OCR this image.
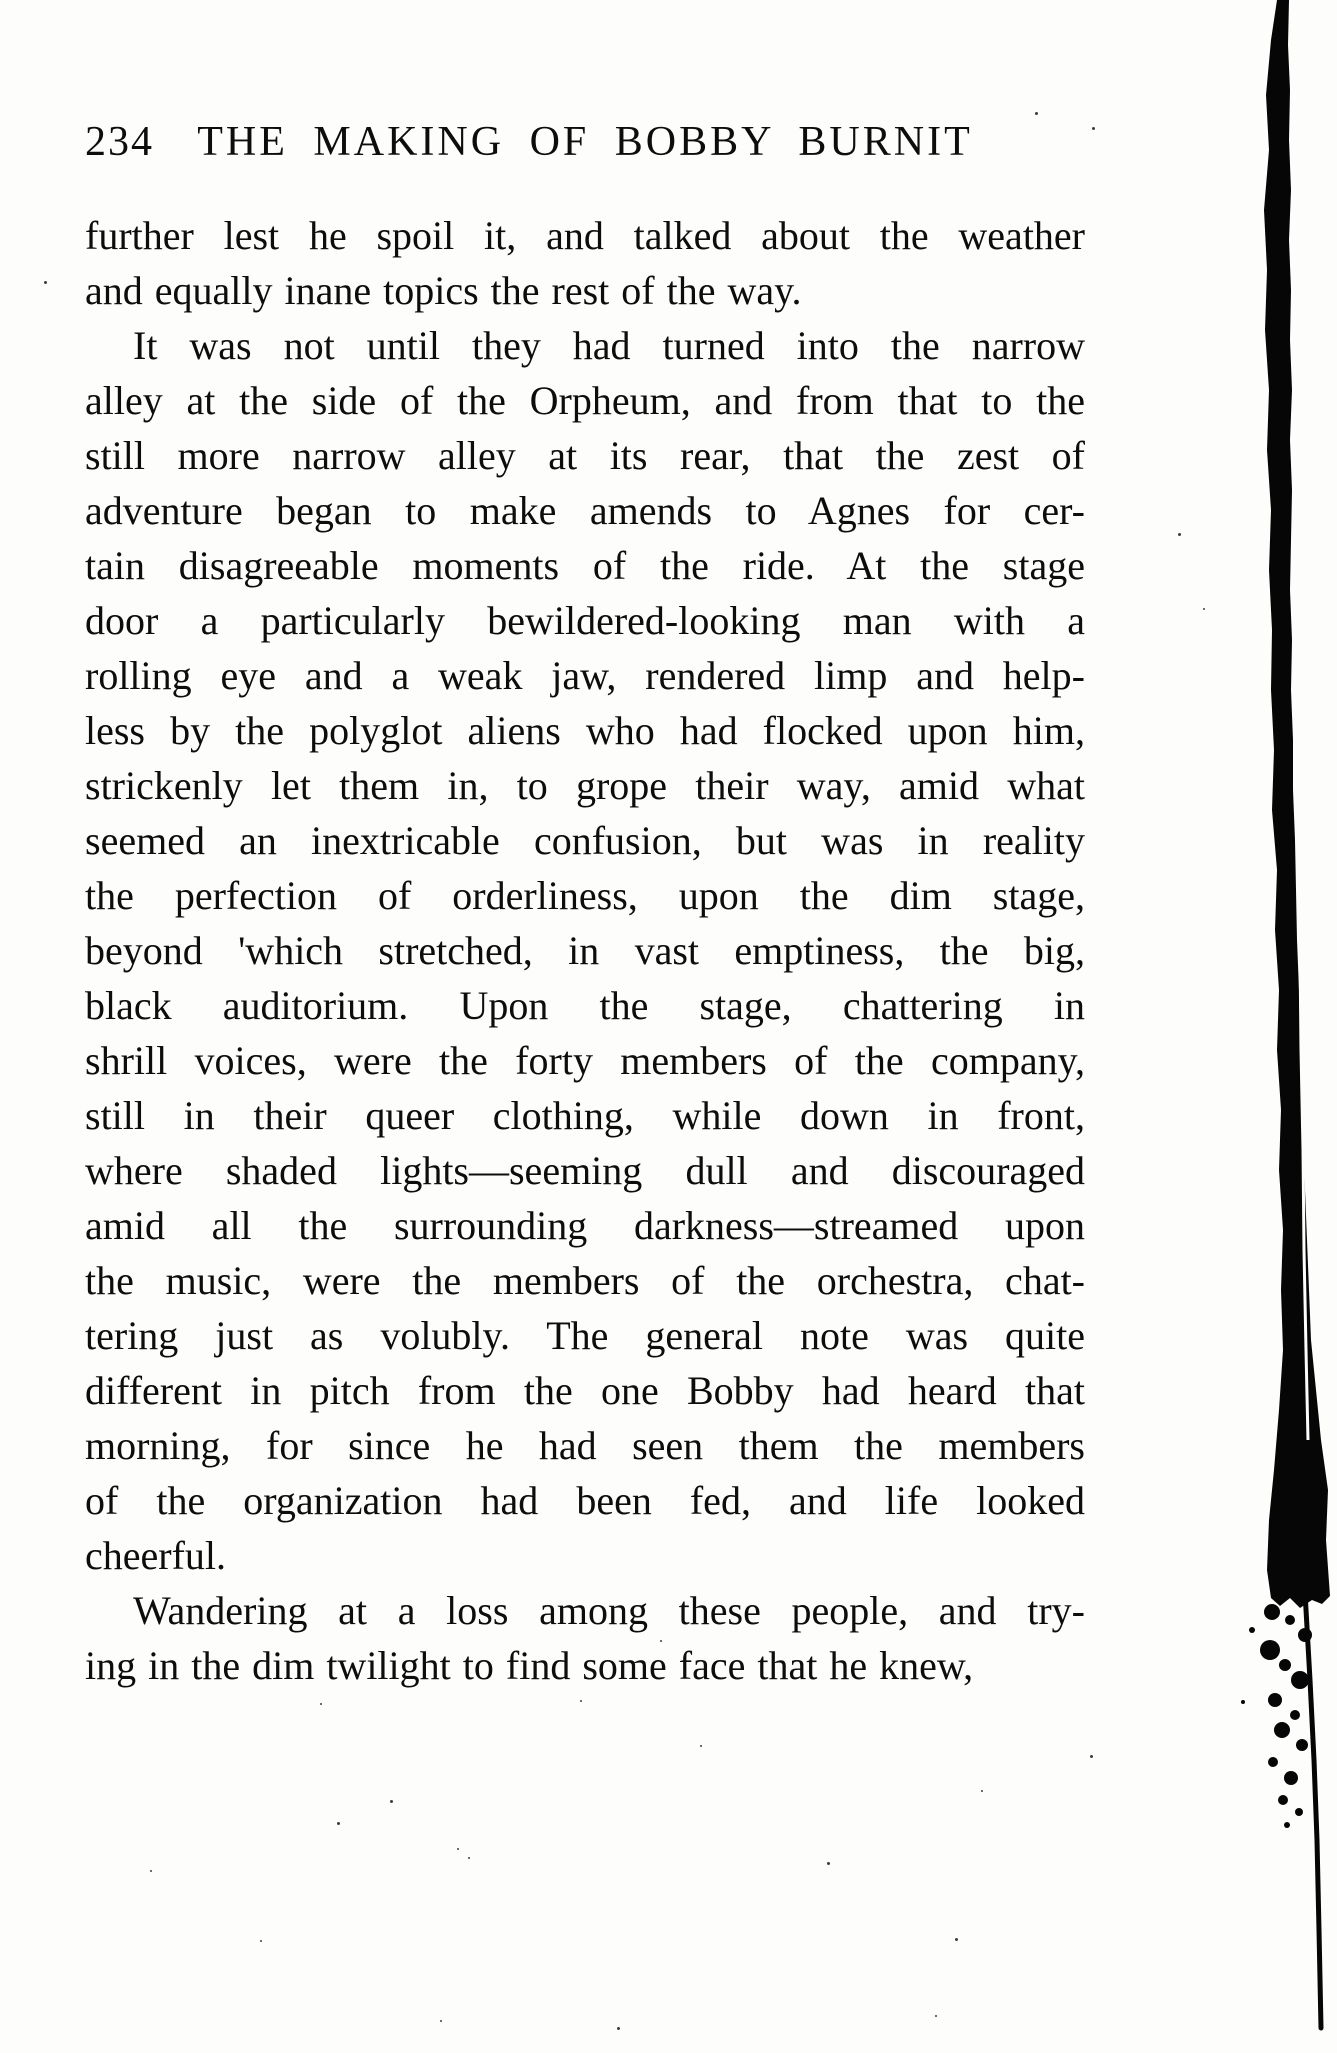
234	THE MAKING OF BOBBY BURNIT
further lest he spoil it, and talked about the weather
and equally inane topics the rest of the way.
It was not until they had turned into the narrow
alley at the side of the Orpheum, and from that to the
still more narrow alley at its rear, that the zest of
adventure began to make amends to Agnes for cer-
tain disagreeable moments of the ride. At the stage
door a particularly bewildered-looking man with a
rolling eye and a weak jaw, rendered limp and help-
less by the polyglot aliens who had flocked upon him,
strickenly let them in, to grope their way, amid what
seemed an inextricable confusion, but was in reality
the perfection of orderliness, upon the dim stage,
beyond 'which stretched, in vast emptiness, the big,
black auditorium. Upon the stage, chattering in
shrill voices, were the forty members of the company,
still in their queer clothing, while down in front,
where shaded lights—seeming dull and discouraged
amid all the surrounding darkness—streamed upon
the music, were the members of the orchestra, chat-
tering just as volubly. The general note was quite
different in pitch from the one Bobby had heard that
morning, for since he had seen them the members
of the organization had been fed, and life looked
cheerful.
Wandering at a loss among these people, and try-
ing in the dim twilight to find some face that he knew,
